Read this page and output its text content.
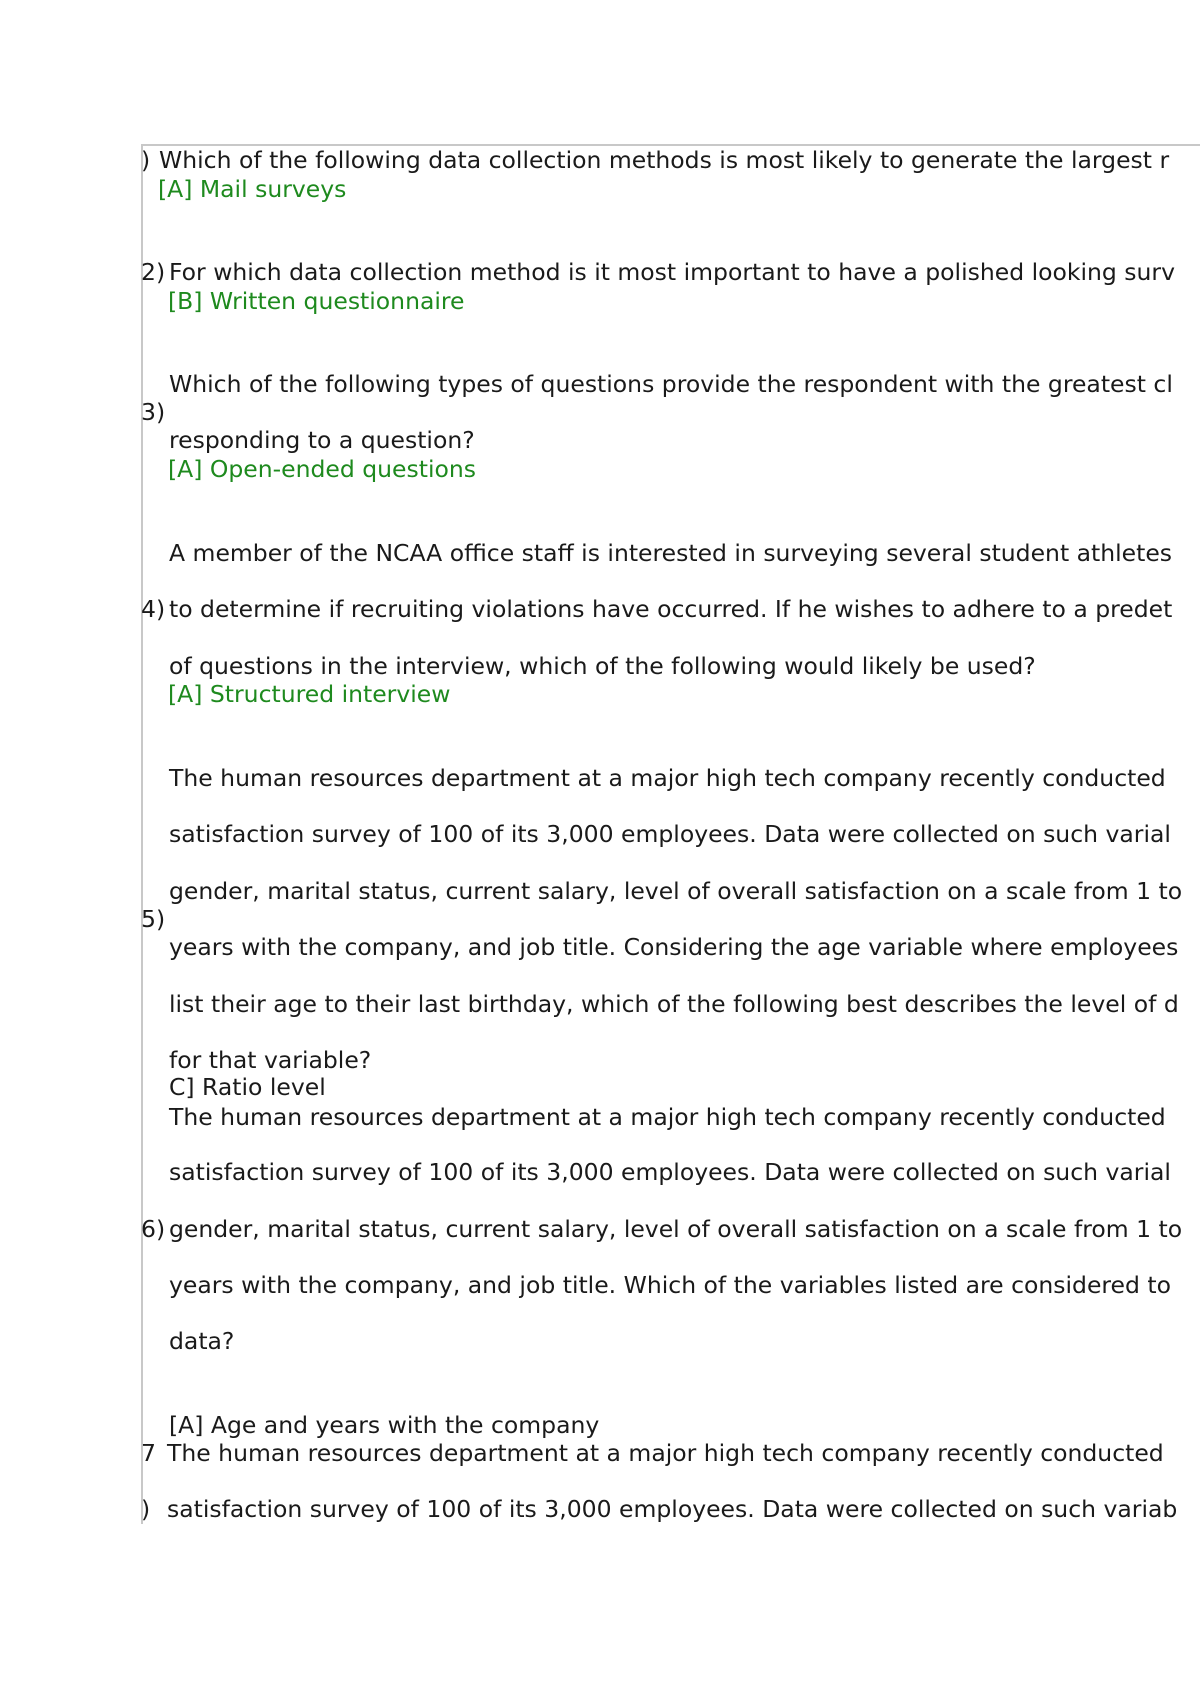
) Which of the following data collection methods is most likely to generate the largest r
[A] Mail surveys
2) For which data collection method is it most important to have a polished looking surv
[B] Written questionnaire
Which of the following types of questions provide the respondent with the greatest cl
3)
responding to a question?
[A] Open-ended questions
A member of the NCAA office staff is interested in surveying several student athletes
4) to determine if recruiting violations have occurred. If he wishes to adhere to a predet
of questions in the interview, which of the following would likely be used?
[A] Structured interview
The human resources department at a major high tech company recently conducted
satisfaction survey of 100 of its 3,000 employees. Data were collected on such varial
gender, marital status, current salary, level of overall satisfaction on a scale from 1 to
5)
years with the company, and job title. Considering the age variable where employees
list their age to their last birthday, which of the following best describes the level of d
for that variable?
C] Ratio level
The human resources department at a major high tech company recently conducted
satisfaction survey of 100 of its 3,000 employees. Data were collected on such varial
6) gender, marital status, current salary, level of overall satisfaction on a scale from 1 to
years with the company, and job title. Which of the variables listed are considered to
data?
[A] Age and years with the company
7 The human resources department at a major high tech company recently conducted
) satisfaction survey of 100 of its 3,000 employees. Data were collected on such variab
